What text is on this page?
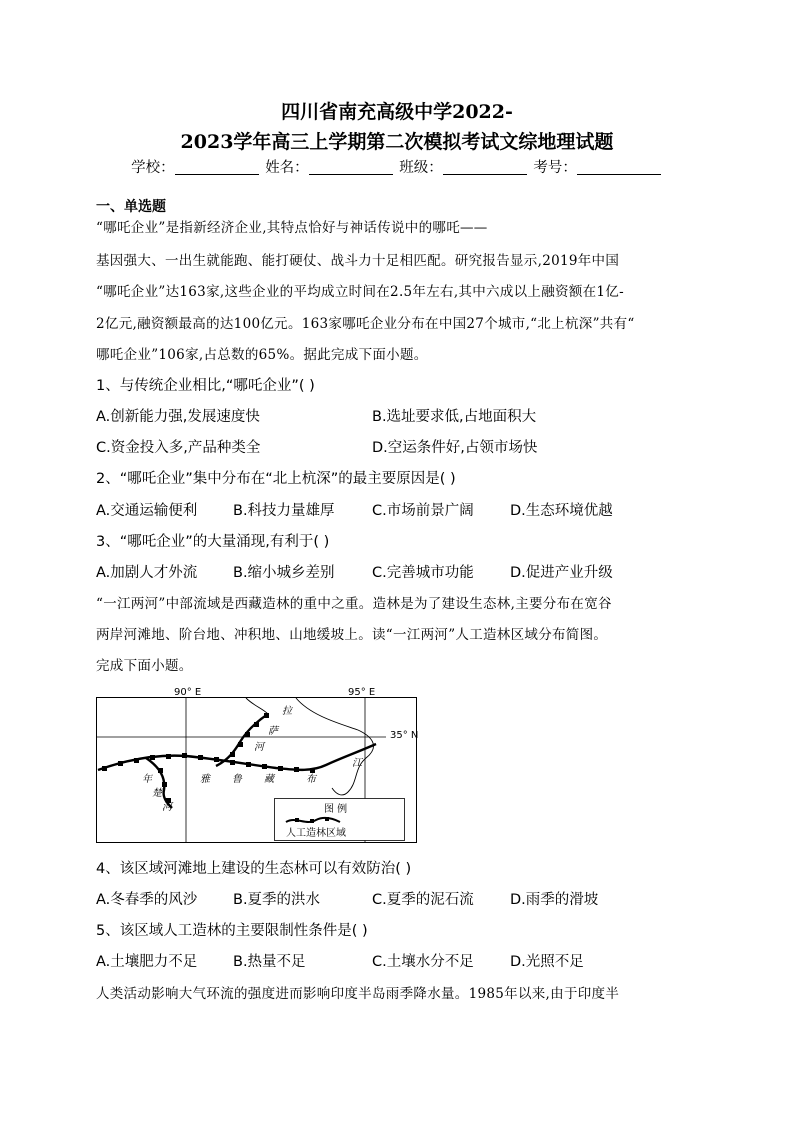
四川省南充高级中学2022-
2023学年高三上学期第二次模拟考试文综地理试题
学校：	姓名：	班级：	考号：
一、单选题
“哪吒企业”是指新经济企业,其特点恰好与神话传说中的哪吒——
基因强大、一出生就能跑、能打硬仗、战斗力十足相匹配。研究报告显示,2019年中国
“哪吒企业”达163家,这些企业的平均成立时间在2.5年左右,其中六成以上融资额在1亿-
2亿元,融资额最高的达100亿元。163家哪吒企业分布在中国27个城市,“北上杭深”共有“
哪吒企业”106家,占总数的65%。据此完成下面小题。
1、与传统企业相比,“哪吒企业”( )
A.创新能力强,发展速度快	B.选址要求低,占地面积大
C.资金投入多,产品种类全	D.空运条件好,占领市场快
2、“哪吒企业”集中分布在“北上杭深”的最主要原因是( )
A.交通运输便利 B.科技力量雄厚	C.市场前景广阔	D.生态环境优越
3、“哪吒企业”的大量涌现,有利于( )
A.加剧人才外流 B.缩小城乡差别	C.完善城市功能	D.促进产业升级
“一江两河”中部流域是西藏造林的重中之重。造林是为了建设生态林,主要分布在宽谷
两岸河滩地、阶台地、冲积地、山地缓坡上。读“一江两河”人工造林区域分布简图。
完成下面小题。
90° E	95° E
35° N
拉
萨
河
雅 鲁 藏	布
江
年
楚
河	图 例
人工造林区域
4、该区域河滩地上建设的生态林可以有效防治( )
A.冬春季的风沙 B.夏季的洪水	C.夏季的泥石流	D.雨季的滑坡
5、该区域人工造林的主要限制性条件是( )
A.土壤肥力不足 B.热量不足	C.土壤水分不足	D.光照不足
人类活动影响大气环流的强度进而影响印度半岛雨季降水量。1985年以来,由于印度半
